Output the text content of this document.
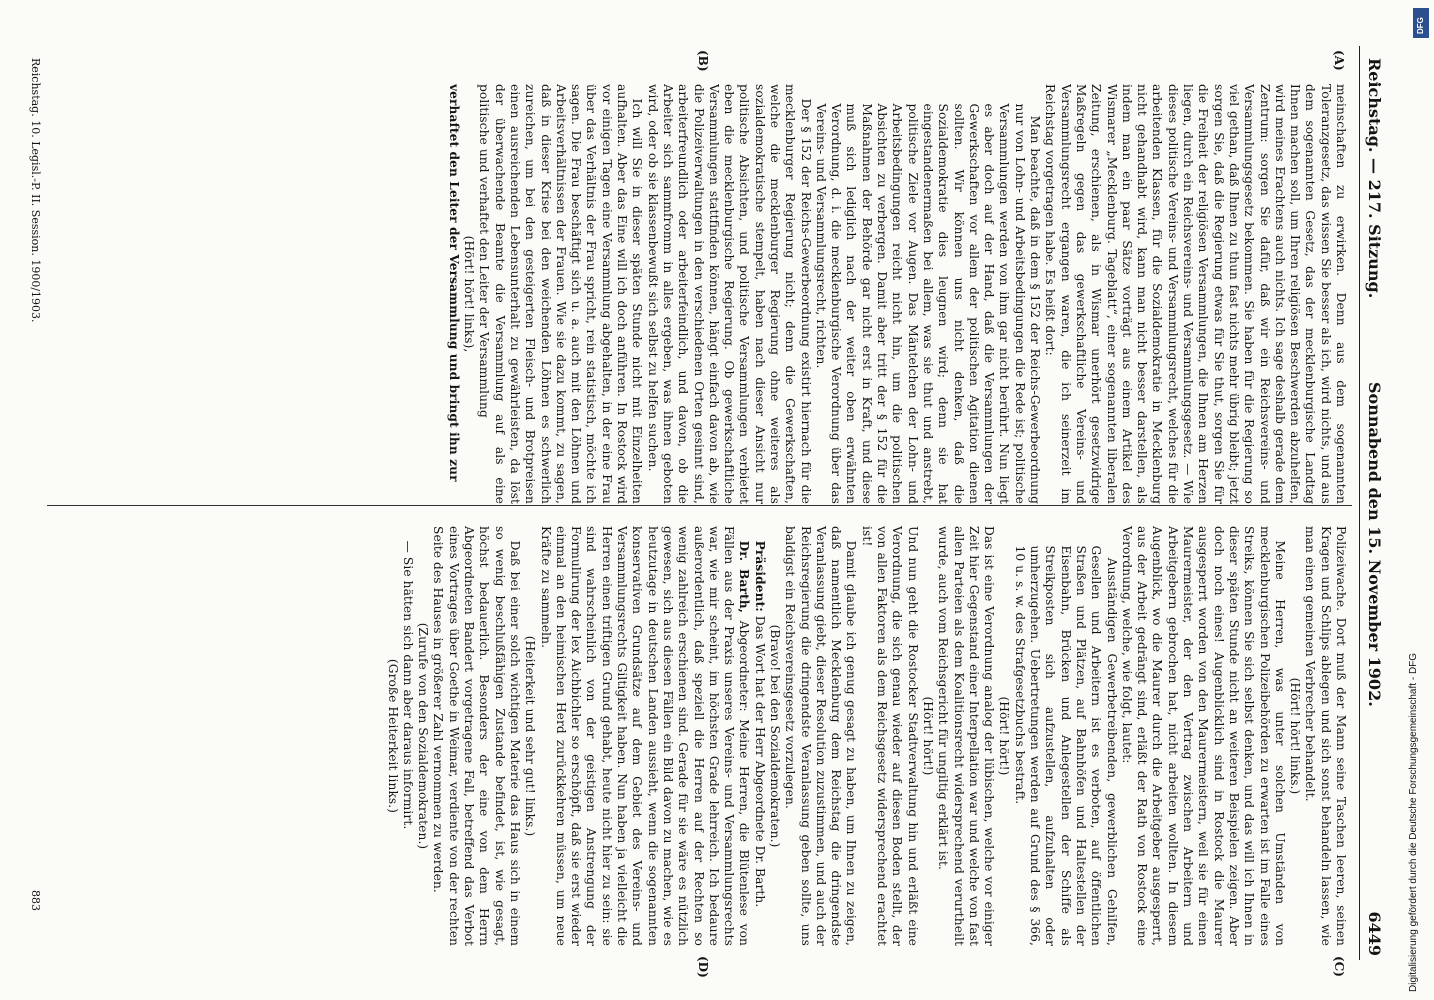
Reichstag. — 217. Sitzung.
Sonnabend den 15. November 1902.
6449
(A)
(B)
(C)
(D)

meinschaften zu erwirken. Denn aus dem sogenannten Toleranzgesetz, das wissen Sie besser als ich, wird nichts, und aus dem sogenannten Gesetz, das der mecklenburgische Landtag Ihnen machen soll, um Ihren religiösen Beschwerden abzuhelfen, wird meines Erachtens auch nichts. Ich sage deshalb gerade dem Zentrum: sorgen Sie dafür, daß wir ein Reichsvereins- und Versammlungsgesetz bekommen. Sie haben für die Regierung so viel gethan, daß Ihnen zu thun fast nichts mehr übrig bleibt; jetzt sorgen Sie, daß die Regierung etwas für Sie thut, sorgen Sie für die Freiheit der religiösen Versammlungen, die Ihnen am Herzen liegen, durch ein Reichsvereins- und Versammlungsgesetz. — Wie dieses politische Vereins- und Versammlungsrecht, welches für die arbeitenden Klassen, für die Sozialdemokratie in Mecklenburg nicht gehandhabt wird, kann man nicht besser darstellen, als indem man ein paar Sätze vorträgt aus einem Artikel des Wismarer „Mecklenburg. Tageblatt“, einer sogenannten liberalen Zeitung, erschienen, als in Wismar unerhört gesetzwidrige Maßregeln gegen das gewerkschaftliche Vereins- und Versammlungsrecht ergangen waren, die ich seinerzeit im Reichstag vorgetragen habe. Es heißt dort:

Man beachte, daß in dem § 152 der Reichs-Gewerbeordnung nur von Lohn- und Arbeitsbedingungen die Rede ist; politische Versammlungen werden von ihm gar nicht berührt. Nun liegt es aber doch auf der Hand, daß die Versammlungen der Gewerkschaften vor allem der politischen Agitation dienen sollten. Wir können uns nicht denken, daß die Sozialdemokratie dies leugnen wird; denn sie hat eingestandenermaßen bei allem, was sie thut und anstrebt, politische Ziele vor Augen. Das Mäntelchen der Lohn- und Arbeitsbedingungen reicht nicht hin, um die politischen Absichten zu verbergen. Damit aber tritt der § 152 für die Maßnahmen der Behörde gar nicht erst in Kraft, und diese muß sich lediglich nach der weiter oben erwähnten Verordnung, d. i. die mecklenburgische Verordnung über das Vereins- und Versammlungsrecht, richten.

Der § 152 der Reichs-Gewerbeordnung existirt hiernach für die mecklenburger Regierung nicht; denn die Gewerkschaften, welche die mecklenburger Regierung ohne weiteres als sozialdemokratische stempelt, haben nach dieser Ansicht nur politische Absichten, und politische Versammlungen verbietet eben die mecklenburgische Regierung. Ob gewerkschaftliche Versammlungen stattfinden können, hängt einfach davon ab, wie die Polizeiverwaltungen in den verschiedenen Orten gesinnt sind, arbeiterfreundlich oder arbeiterfeindlich, und davon, ob die Arbeiter sich sammfromm in alles ergeben, was ihnen geboten wird, oder ob sie klassenbewußt sich selbst zu helfen suchen.

Ich will Sie in dieser späten Stunde nicht mit Einzelheiten aufhalten. Aber das Eine will ich doch anführen. In Rostock wird vor einigen Tagen eine Versammlung abgehalten, in der eine Frau über das Verhältnis der Frau spricht, rein statistisch, möchte ich sagen. Die Frau beschäftigt sich u. a. auch mit den Löhnen und Arbeitsverhältnissen der Frauen. Wie sie dazu kommt, zu sagen, daß in dieser Krise bei den weichenden Löhnen es schwerlich zureichen, um bei den gesteigerten Fleisch- und Brotpreisen einen ausreichenden Lebensunterhalt zu gewährleisten, da löst der überwachende Beamte die Versammlung auf als eine politische und verhaftet den Leiter der Versammlung

(Hört! hört! links),

verhaftet den Leiter der Versammlung und bringt ihn zur

Polizeiwache. Dort muß der Mann seine Taschen leeren, seinen Kragen und Schlips ablegen und sich sonst behandeln lassen, wie man einen gemeinen Verbrecher behandelt.

(Hört! hört! links.)

Meine Herren, was unter solchen Umständen von mecklenburgischen Polizeibehörden zu erwarten ist im Falle eines Streiks, können Sie sich selbst denken, und das will ich Ihnen in dieser späten Stunde nicht an weiteren Beispielen zeigen. Aber doch noch eines! Augenblicklich sind in Rostock die Maurer ausgesperrt worden von den Maurermeistern, weil sie für einen Maurermeister, der den Vertrag zwischen Arbeitern und Arbeitgebern gebrochen hat, nicht arbeiten wollten. In diesem Augenblick, wo die Maurer durch die Arbeitgeber ausgesperrt, aus der Arbeit gedrängt sind, erläßt der Rath von Rostock eine Verordnung, welche, wie folgt, lautet:

Ausständigen Gewerbetreibenden, gewerblichen Gehilfen, Gesellen und Arbeitern ist es verboten, auf öffentlichen Straßen und Plätzen, auf Bahnhöfen und Haltestellen der Eisenbahn, Brücken und Anlegestellen der Schiffe als Streikposten sich aufzustellen, aufzuhalten oder umherzugehen. Uebertretungen werden auf Grund des § 366, 10 u. s. w. des Strafgesetzbuchs bestraft.

(Hört! hört!)

Das ist eine Verordnung analog der lübischen, welche vor einiger Zeit hier Gegenstand einer Interpellation war und welche von fast allen Parteien als dem Koalitionsrecht widersprechend verurtheilt wurde, auch vom Reichsgericht für ungiltig erklärt ist.

(Hört! hört!)

Und nun geht die Rostocker Stadtverwaltung hin und erläßt eine Verordnung, die sich genau wieder auf diesen Boden stellt, der von allen Faktoren als dem Reichsgesetz widersprechend erachtet ist!

Damit glaube ich genug gesagt zu haben, um Ihnen zu zeigen, daß namentlich Mecklenburg dem Reichstag die dringendste Veranlassung giebt, dieser Resolution zuzustimmen, und auch der Reichsregierung die dringendste Veranlassung geben sollte, uns baldigst ein Reichsvereinsgesetz vorzulegen.

(Bravo! bei den Sozialdemokraten.)

Präsident: Das Wort hat der Herr Abgeordnete Dr. Barth.

Dr. Barth, Abgeordneter: Meine Herren, die Blütenlese von Fällen aus der Praxis unseres Vereins- und Versammlungsrechts war, wie mir scheint, im höchsten Grade lehrreich. Ich bedaure außerordentlich, daß speziell die Herren auf der Rechten so wenig zahlreich erschienen sind. Gerade für sie wäre es nützlich gewesen, sich aus diesen Fällen ein Bild davon zu machen, wie es heutzutage in deutschen Landen aussieht, wenn die sogenannten konservativen Grundsätze auf dem Gebiet des Vereins- und Versammlungsrechts Giltigkeit haben. Nun haben ja vielleicht die Herren einen triftigen Grund gehabt, heute nicht hier zu sein: sie sind wahrscheinlich von der geistigen Anstrengung der Formulirung der lex Aichbichler so erschöpft, daß sie erst wieder einmal an den heimischen Herd zurückkehren müssen, um neue Kräfte zu sammeln.

(Heiterkeit und sehr gut! links.)

Daß bei einer solch wichtigen Materie das Haus sich in einem so wenig beschlußfähigen Zustande befindet, ist, wie gesagt, höchst bedauerlich. Besonders der eine von dem Herrn Abgeordneten Bandert vorgetragene Fall, betreffend das Verbot eines Vortrages über Goethe in Weimar, verdiente von der rechten Seite des Hauses in größerer Zahl vernommen zu werden.

(Zurufe von den Sozialdemokraten.)

— Sie hätten sich dann aber daraus informirt.

(Große Heiterkeit links.)

Reichstag. 10. Legisl.-P. II. Session. 1900/1903.
883
DFG
Digitalisierung gefördert durch die Deutsche Forschungsgemeinschaft - DFG
